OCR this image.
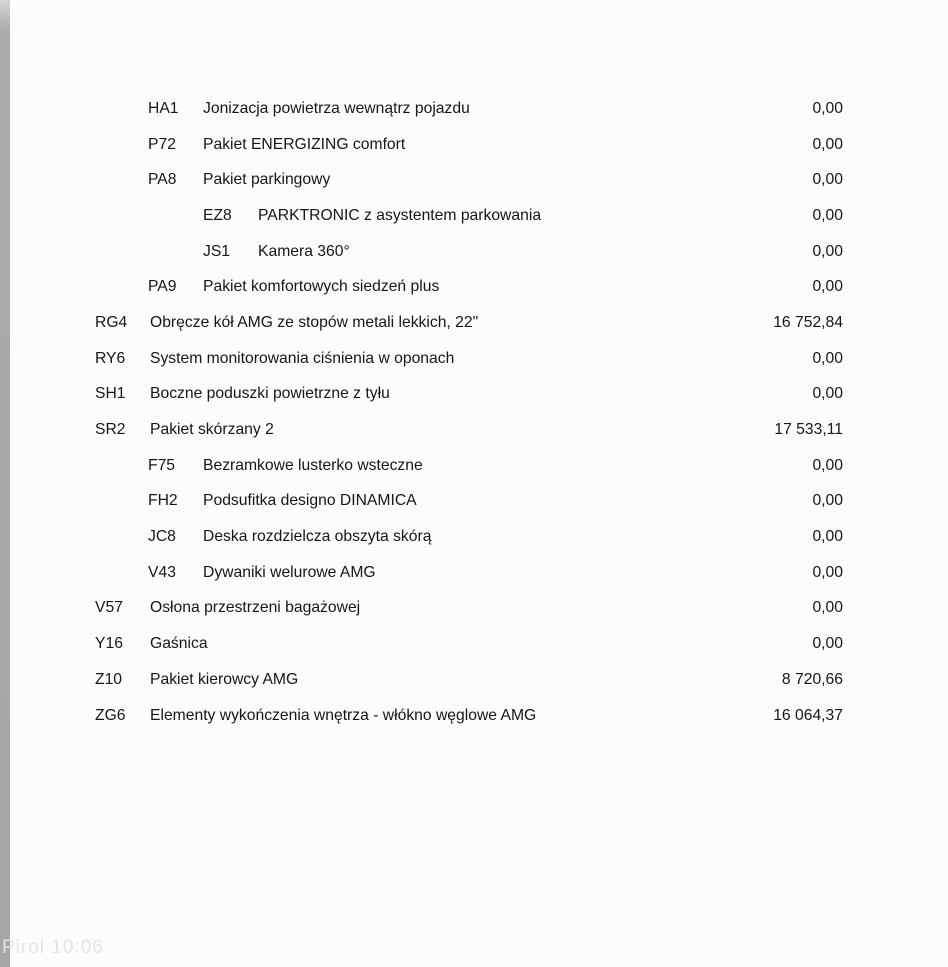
HA1	Jonizacja powietrza wewnątrz pojazdu	0,00
P72	Pakiet ENERGIZING comfort	0,00
PA8	Pakiet parkingowy	0,00
EZ8	PARKTRONIC z asystentem parkowania	0,00
JS1	Kamera 360°	0,00
PA9	Pakiet komfortowych siedzeń plus	0,00
RG4	Obręcze kół AMG ze stopów metali lekkich, 22"	16 752,84
RY6	System monitorowania ciśnienia w oponach	0,00
SH1	Boczne poduszki powietrzne z tyłu	0,00
SR2	Pakiet skórzany 2	17 533,11
F75	Bezramkowe lusterko wsteczne	0,00
FH2	Podsufitka designo DINAMICA	0,00
JC8	Deska rozdzielcza obszyta skórą	0,00
V43	Dywaniki welurowe AMG	0,00
V57	Osłona przestrzeni bagażowej	0,00
Y16	Gaśnica	0,00
Z10	Pakiet kierowcy AMG	8 720,66
ZG6	Elementy wykończenia wnętrza - włókno węglowe AMG	16 064,37
Pirol 10:06
